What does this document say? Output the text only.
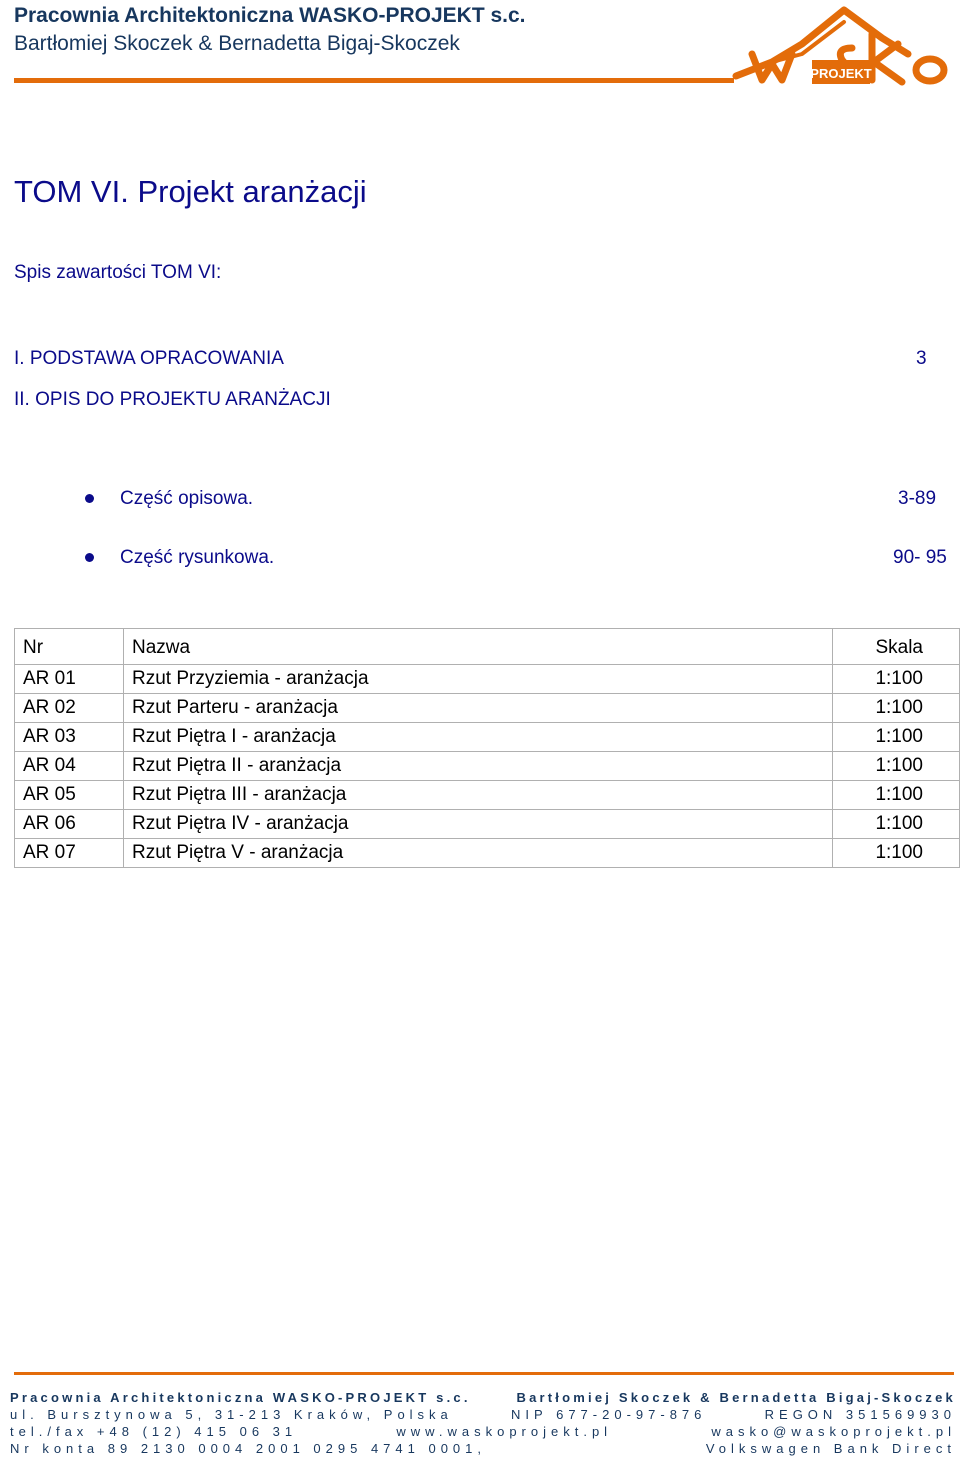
Pracownia Architektoniczna WASKO-PROJEKT s.c.
Bartłomiej Skoczek & Bernadetta Bigaj-Skoczek
PROJEKT
TOM VI. Projekt aranżacji
Spis zawartości TOM VI:
I. PODSTAWA OPRACOWANIA	3
II. OPIS DO PROJEKTU ARANŻACJI
Część opisowa.	3-89
Część rysunkowa.	90- 95
Nr	Nazwa	Skala
AR 01	Rzut Przyziemia - aranżacja	1:100
AR 02	Rzut Parteru - aranżacja	1:100
AR 03	Rzut Piętra I - aranżacja	1:100
AR 04	Rzut Piętra II - aranżacja	1:100
AR 05	Rzut Piętra III - aranżacja	1:100
AR 06	Rzut Piętra IV - aranżacja	1:100
AR 07	Rzut Piętra V - aranżacja	1:100
Pracownia Architektoniczna WASKO-PROJEKT s.c.	Bartłomiej Skoczek & Bernadetta Bigaj-Skoczek
ul. Bursztynowa 5, 31-213 Kraków, Polska	NIP 677-20-97-876	REGON 351569930
tel./fax +48 (12) 415 06 31	www.waskoprojekt.pl	wasko@waskoprojekt.pl
Nr konta 89 2130 0004 2001 0295 4741 0001,	Volkswagen Bank Direct
